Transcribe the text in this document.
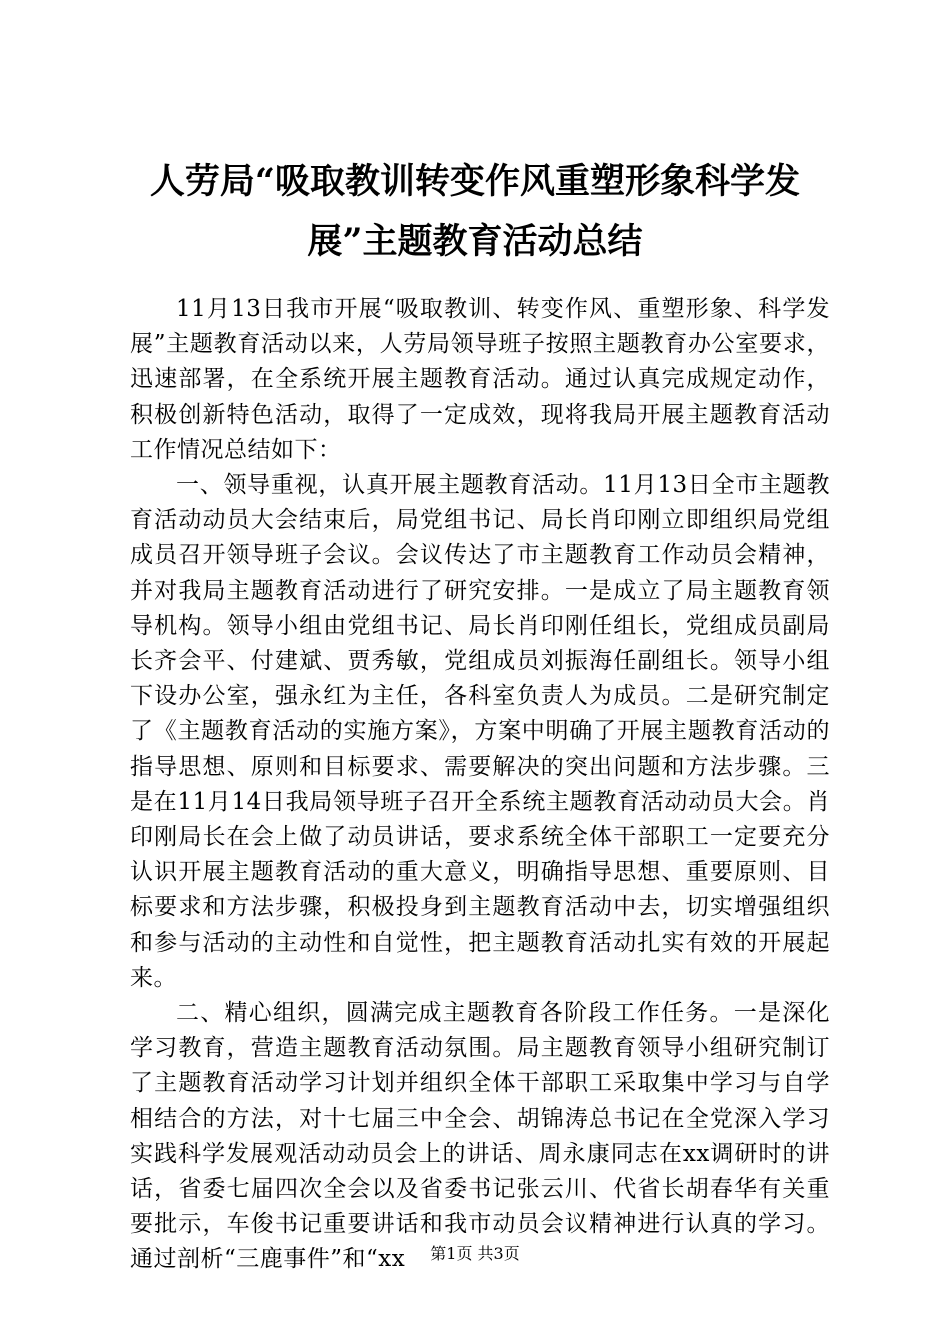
人劳局“吸取教训转变作风重塑形象科学发
展”主题教育活动总结

11月13日我市开展“吸取教训、转变作风、重塑形象、科学发展”主题教育活动以来，人劳局领导班子按照主题教育办公室要求，迅速部署，在全系统开展主题教育活动。通过认真完成规定动作，积极创新特色活动，取得了一定成效，现将我局开展主题教育活动工作情况总结如下：

一、领导重视，认真开展主题教育活动。11月13日全市主题教育活动动员大会结束后，局党组书记、局长肖印刚立即组织局党组成员召开领导班子会议。会议传达了市主题教育工作动员会精神，并对我局主题教育活动进行了研究安排。一是成立了局主题教育领导机构。领导小组由党组书记、局长肖印刚任组长，党组成员副局长齐会平、付建斌、贾秀敏，党组成员刘振海任副组长。领导小组下设办公室，强永红为主任，各科室负责人为成员。二是研究制定了《主题教育活动的实施方案》，方案中明确了开展主题教育活动的指导思想、原则和目标要求、需要解决的突出问题和方法步骤。三是在11月14日我局领导班子召开全系统主题教育活动动员大会。肖印刚局长在会上做了动员讲话，要求系统全体干部职工一定要充分认识开展主题教育活动的重大意义，明确指导思想、重要原则、目标要求和方法步骤，积极投身到主题教育活动中去，切实增强组织和参与活动的主动性和自觉性，把主题教育活动扎实有效的开展起来。

二、精心组织，圆满完成主题教育各阶段工作任务。一是深化学习教育，营造主题教育活动氛围。局主题教育领导小组研究制订了主题教育活动学习计划并组织全体干部职工采取集中学习与自学相结合的方法，对十七届三中全会、胡锦涛总书记在全党深入学习实践科学发展观活动动员会上的讲话、周永康同志在xx调研时的讲话，省委七届四次全会以及省委书记张云川、代省长胡春华有关重要批示，车俊书记重要讲话和我市动员会议精神进行认真的学习。通过剖析“三鹿事件”和“xx	第1页 共3页
